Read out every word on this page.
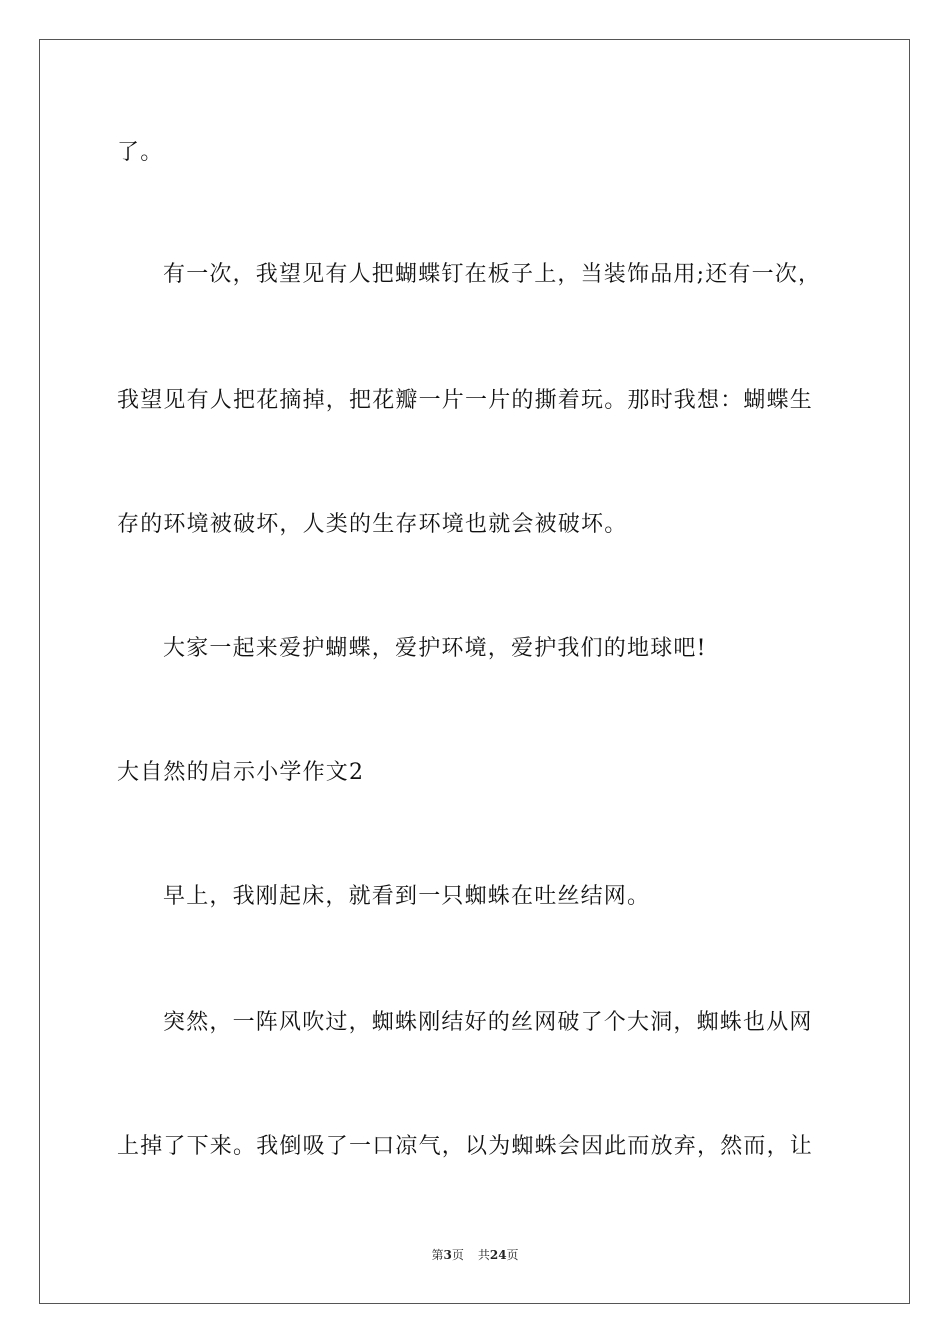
了。
有一次，我望见有人把蝴蝶钉在板子上，当装饰品用;还有一次，
我望见有人把花摘掉，把花瓣一片一片的撕着玩。那时我想：蝴蝶生
存的环境被破坏，人类的生存环境也就会被破坏。
大家一起来爱护蝴蝶，爱护环境，爱护我们的地球吧!
大自然的启示小学作文2
早上，我刚起床，就看到一只蜘蛛在吐丝结网。
突然，一阵风吹过，蜘蛛刚结好的丝网破了个大洞，蜘蛛也从网
上掉了下来。我倒吸了一口凉气，以为蜘蛛会因此而放弃，然而，让
第3页 共24页
